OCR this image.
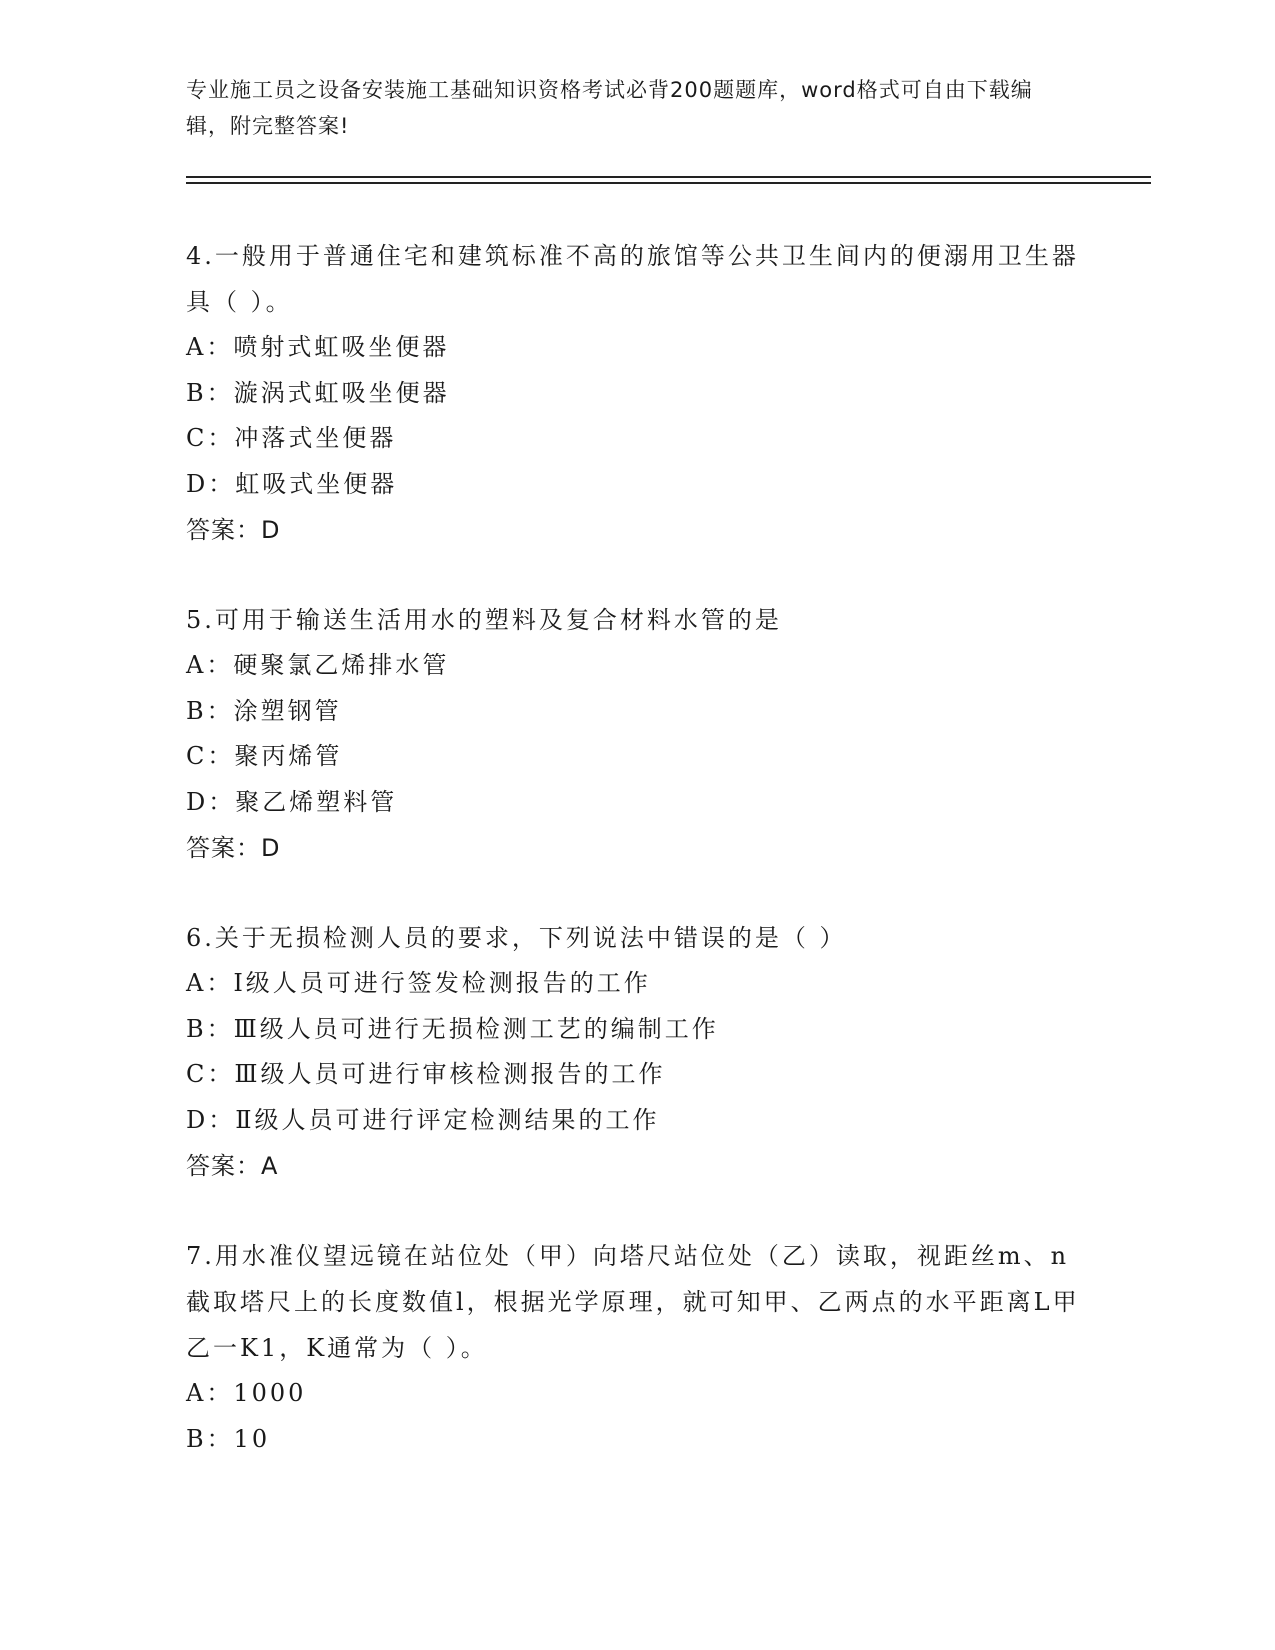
专业施工员之设备安装施工基础知识资格考试必背200题题库，word格式可自由下载编辑，附完整答案!

4.一般用于普通住宅和建筑标准不高的旅馆等公共卫生间内的便溺用卫生器具（ ）。

A：喷射式虹吸坐便器

B：漩涡式虹吸坐便器

C：冲落式坐便器

D：虹吸式坐便器

答案：D

5.可用于输送生活用水的塑料及复合材料水管的是

A：硬聚氯乙烯排水管

B：涂塑钢管

C：聚丙烯管

D：聚乙烯塑料管

答案：D

6.关于无损检测人员的要求，下列说法中错误的是（ ）

A：Ⅰ级人员可进行签发检测报告的工作

B：Ⅲ级人员可进行无损检测工艺的编制工作

C：Ⅲ级人员可进行审核检测报告的工作

D：Ⅱ级人员可进行评定检测结果的工作

答案：A

7.用水准仪望远镜在站位处（甲）向塔尺站位处（乙）读取，视距丝m、n截取塔尺上的长度数值l，根据光学原理，就可知甲、乙两点的水平距离L甲乙一K1，K通常为（ ）。

A：1000

B：10
